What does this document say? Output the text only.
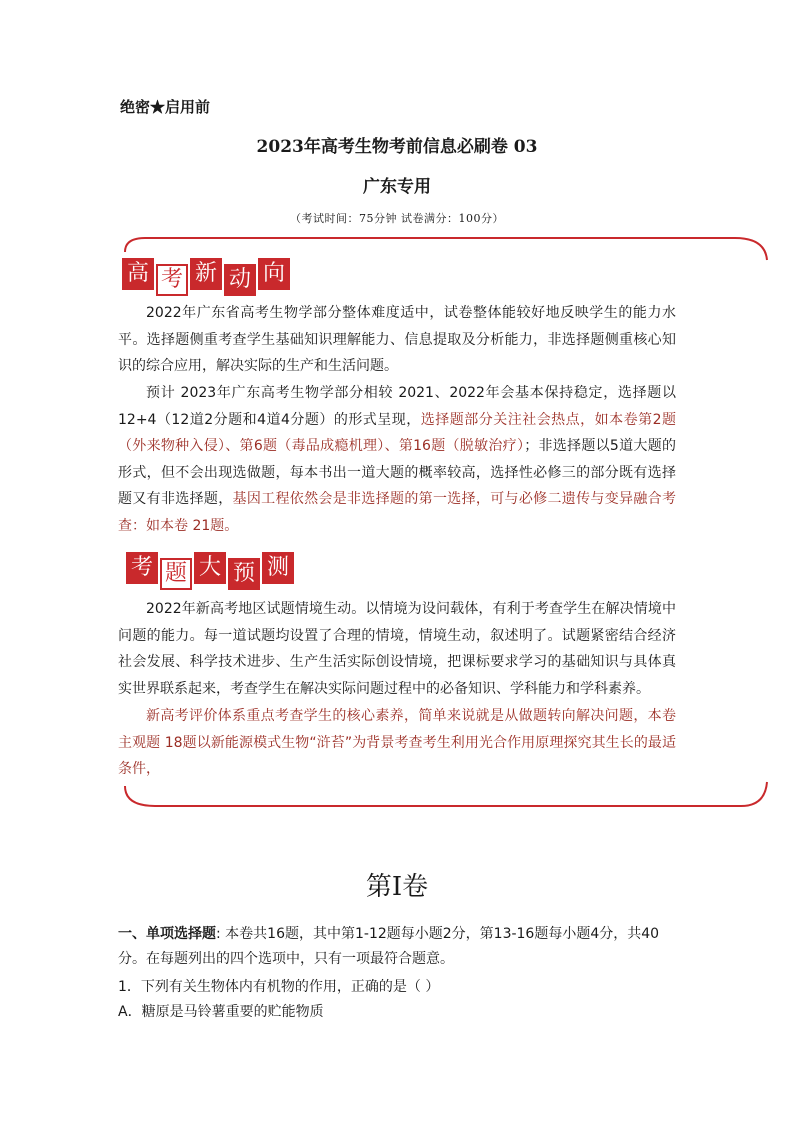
绝密★启用前
2023年高考生物考前信息必刷卷 03
广东专用
（考试时间：75分钟 试卷满分：100分）
高 考 新 动 向
2022年广东省高考生物学部分整体难度适中，试卷整体能较好地反映学生的能力水平。选择题侧重考查学生基础知识理解能力、信息提取及分析能力，非选择题侧重核心知识的综合应用，解决实际的生产和生活问题。
预计 2023年广东高考生物学部分相较 2021、2022年会基本保持稳定，选择题以 12+4（12道2分题和4道4分题）的形式呈现，选择题部分关注社会热点，如本卷第2题（外来物种入侵）、第6题（毒品成瘾机理）、第16题（脱敏治疗）；非选择题以5道大题的形式，但不会出现选做题，每本书出一道大题的概率较高，选择性必修三的部分既有选择题又有非选择题，基因工程依然会是非选择题的第一选择，可与必修二遗传与变异融合考查：如本卷 21题。
考 题 大 预 测
2022年新高考地区试题情境生动。以情境为设问载体，有利于考查学生在解决情境中问题的能力。每一道试题均设置了合理的情境，情境生动，叙述明了。试题紧密结合经济社会发展、科学技术进步、生产生活实际创设情境，把课标要求学习的基础知识与具体真实世界联系起来，考查学生在解决实际问题过程中的必备知识、学科能力和学科素养。
新高考评价体系重点考查学生的核心素养，简单来说就是从做题转向解决问题，本卷主观题 18题以新能源模式生物“浒苔”为背景考查考生利用光合作用原理探究其生长的最适条件，
第Ⅰ卷
一、单项选择题: 本卷共16题，其中第1-12题每小题2分，第13-16题每小题4分，共40分。在每题列出的四个选项中，只有一项最符合题意。
1．下列有关生物体内有机物的作用，正确的是（ ）
A．糖原是马铃薯重要的贮能物质
